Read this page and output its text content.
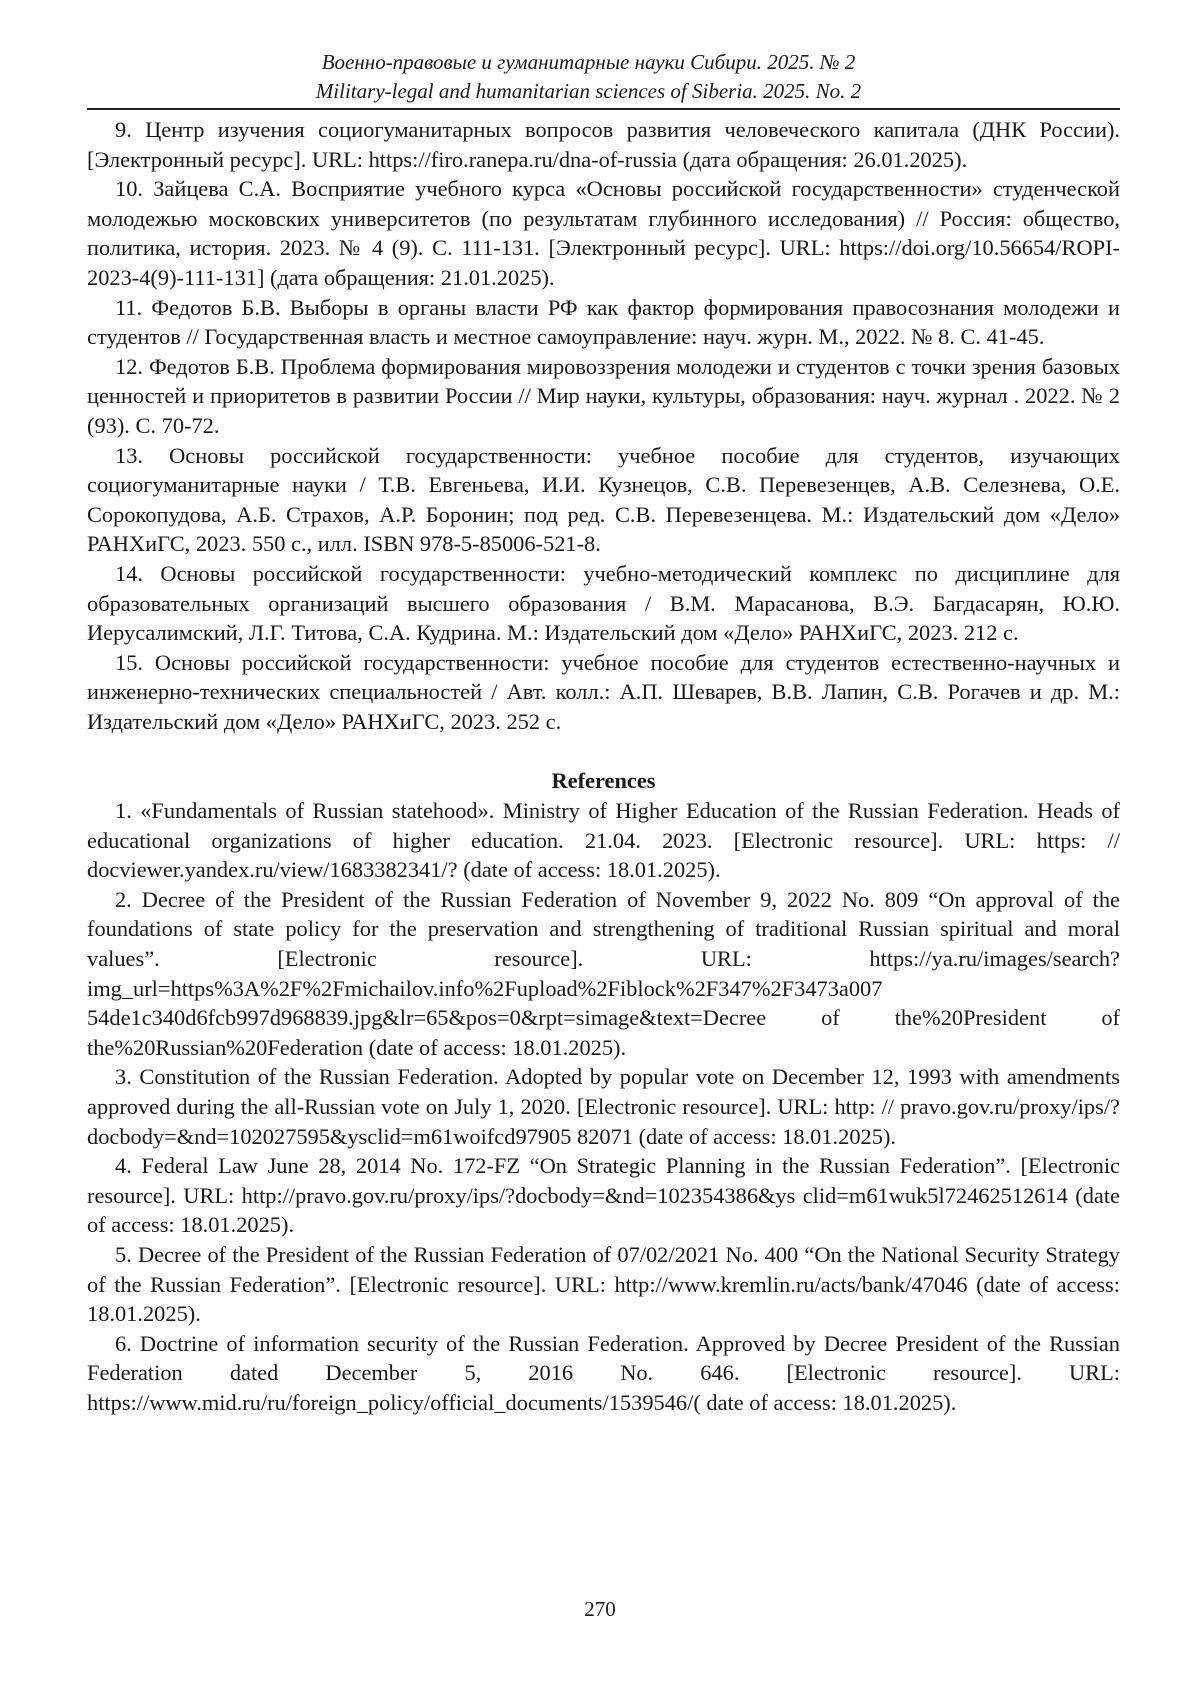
Военно-правовые и гуманитарные науки Сибири. 2025. № 2
Military-legal and humanitarian sciences of Siberia. 2025. No. 2

9. Центр изучения социогуманитарных вопросов развития человеческого капитала (ДНК России). [Электронный ресурс]. URL: https://firo.ranepa.ru/dna-of-russia (дата обращения: 26.01.2025).

10. Зайцева С.А. Восприятие учебного курса «Основы российской государственности» студенческой молодежью московских университетов (по результатам глубинного исследования) // Россия: общество, политика, история. 2023. № 4 (9). С. 111-131. [Электронный ресурс]. URL: https://doi.org/10.56654/ROPI-2023-4(9)-111-131] (дата обращения: 21.01.2025).

11. Федотов Б.В. Выборы в органы власти РФ как фактор формирования правосознания молодежи и студентов // Государственная власть и местное самоуправление: науч. журн. М., 2022. № 8. С. 41-45.

12. Федотов Б.В. Проблема формирования мировоззрения молодежи и студентов с точки зрения базовых ценностей и приоритетов в развитии России // Мир науки, культуры, образования: науч. журнал . 2022. № 2 (93). С. 70-72.

13. Основы российской государственности: учебное пособие для студентов, изучающих социогуманитарные науки / Т.В. Евгеньева, И.И. Кузнецов, С.В. Перевезенцев, А.В. Селезнева, О.Е. Сорокопудова, А.Б. Страхов, А.Р. Боронин; под ред. С.В. Перевезенцева. М.: Издательский дом «Дело» РАНХиГС, 2023. 550 с., илл. ISBN 978-5-85006-521-8.

14. Основы российской государственности: учебно-методический комплекс по дисциплине для образовательных организаций высшего образования / В.М. Марасанова, В.Э. Багдасарян, Ю.Ю. Иерусалимский, Л.Г. Титова, С.А. Кудрина. М.: Издательский дом «Дело» РАНХиГС, 2023. 212 с.

15. Основы российской государственности: учебное пособие для студентов естественно-научных и инженерно-технических специальностей / Авт. колл.: А.П. Шеварев, В.В. Лапин, С.В. Рогачев и др. М.: Издательский дом «Дело» РАНХиГС, 2023. 252 с.

References

1. «Fundamentals of Russian statehood». Ministry of Higher Education of the Russian Federation. Heads of educational organizations of higher education. 21.04. 2023. [Electronic resource]. URL: https: // docviewer.yandex.ru/view/1683382341/? (date of access: 18.01.2025).

2. Decree of the President of the Russian Federation of November 9, 2022 No. 809 “On approval of the foundations of state policy for the preservation and strengthening of traditional Russian spiritual and moral values”. [Electronic resource]. URL: https://ya.ru/images/search?img_url=https%3A%2F%2Fmichailov.info%2Fupload%2Fiblock%2F347%2F3473a007 54de1c340d6fcb997d968839.jpg&lr=65&pos=0&rpt=simage&text=Decree of the%20President of the%20Russian%20Federation (date of access: 18.01.2025).

3. Constitution of the Russian Federation. Adopted by popular vote on December 12, 1993 with amendments approved during the all-Russian vote on July 1, 2020. [Electronic resource]. URL: http: // pravo.gov.ru/proxy/ips/?docbody=&nd=102027595&ysclid=m61woifcd97905 82071 (date of access: 18.01.2025).

4. Federal Law June 28, 2014 No. 172-FZ “On Strategic Planning in the Russian Federation”. [Electronic resource]. URL: http://pravo.gov.ru/proxy/ips/?docbody=&nd=102354386&ys clid=m61wuk5l72462512614 (date of access: 18.01.2025).

5. Decree of the President of the Russian Federation of 07/02/2021 No. 400 “On the National Security Strategy of the Russian Federation”. [Electronic resource]. URL: http://www.kremlin.ru/acts/bank/47046 (date of access: 18.01.2025).

6. Doctrine of information security of the Russian Federation. Approved by Decree President of the Russian Federation dated December 5, 2016 No. 646. [Electronic resource]. URL: https://www.mid.ru/ru/foreign_policy/official_documents/1539546/( date of access: 18.01.2025).

270
